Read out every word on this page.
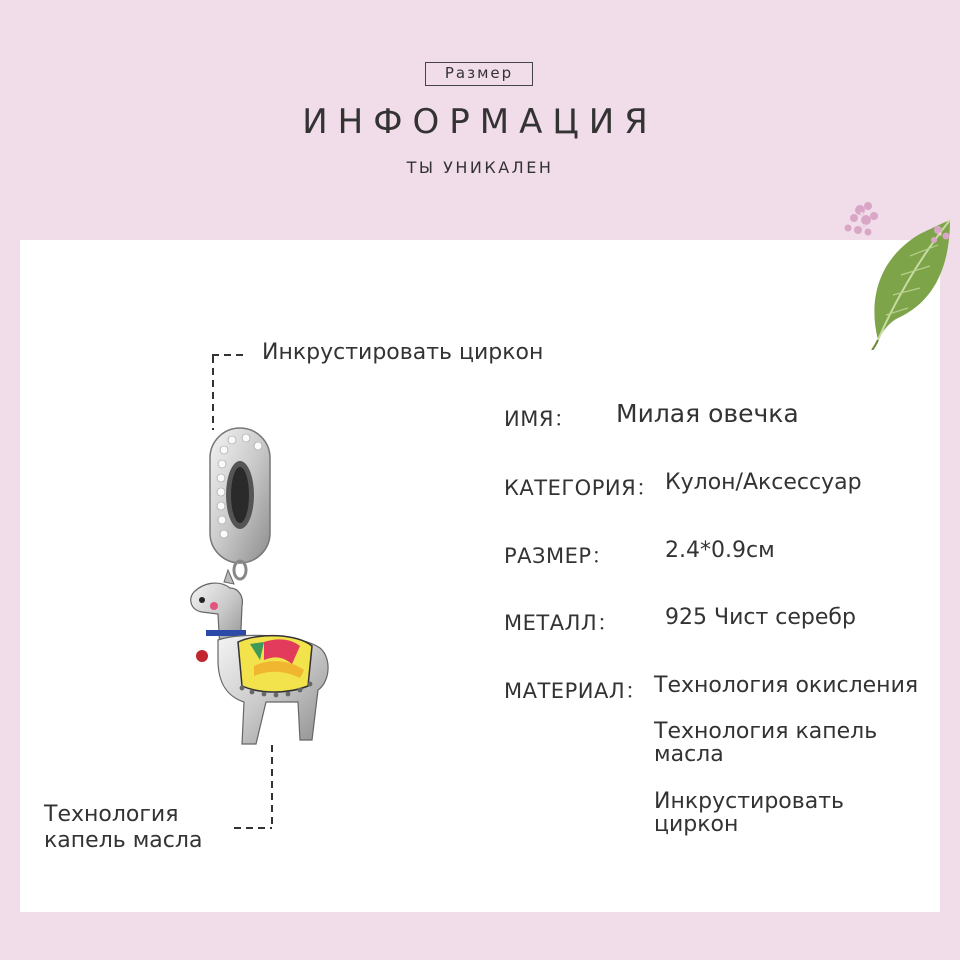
Размер
ИНФОРМАЦИЯ
ТЫ УНИКАЛЕН
Инкрустировать циркон
Технология
капель масла
ИМЯ： Милая овечка
КАТЕГОРИЯ： Кулон/Аксессуар
РАЗМЕР： 2.4*0.9см
МЕТАЛЛ： 925 Чист серебр
МАТЕРИАЛ： Технология окисления
Технология капель
масла
Инкрустировать
циркон
